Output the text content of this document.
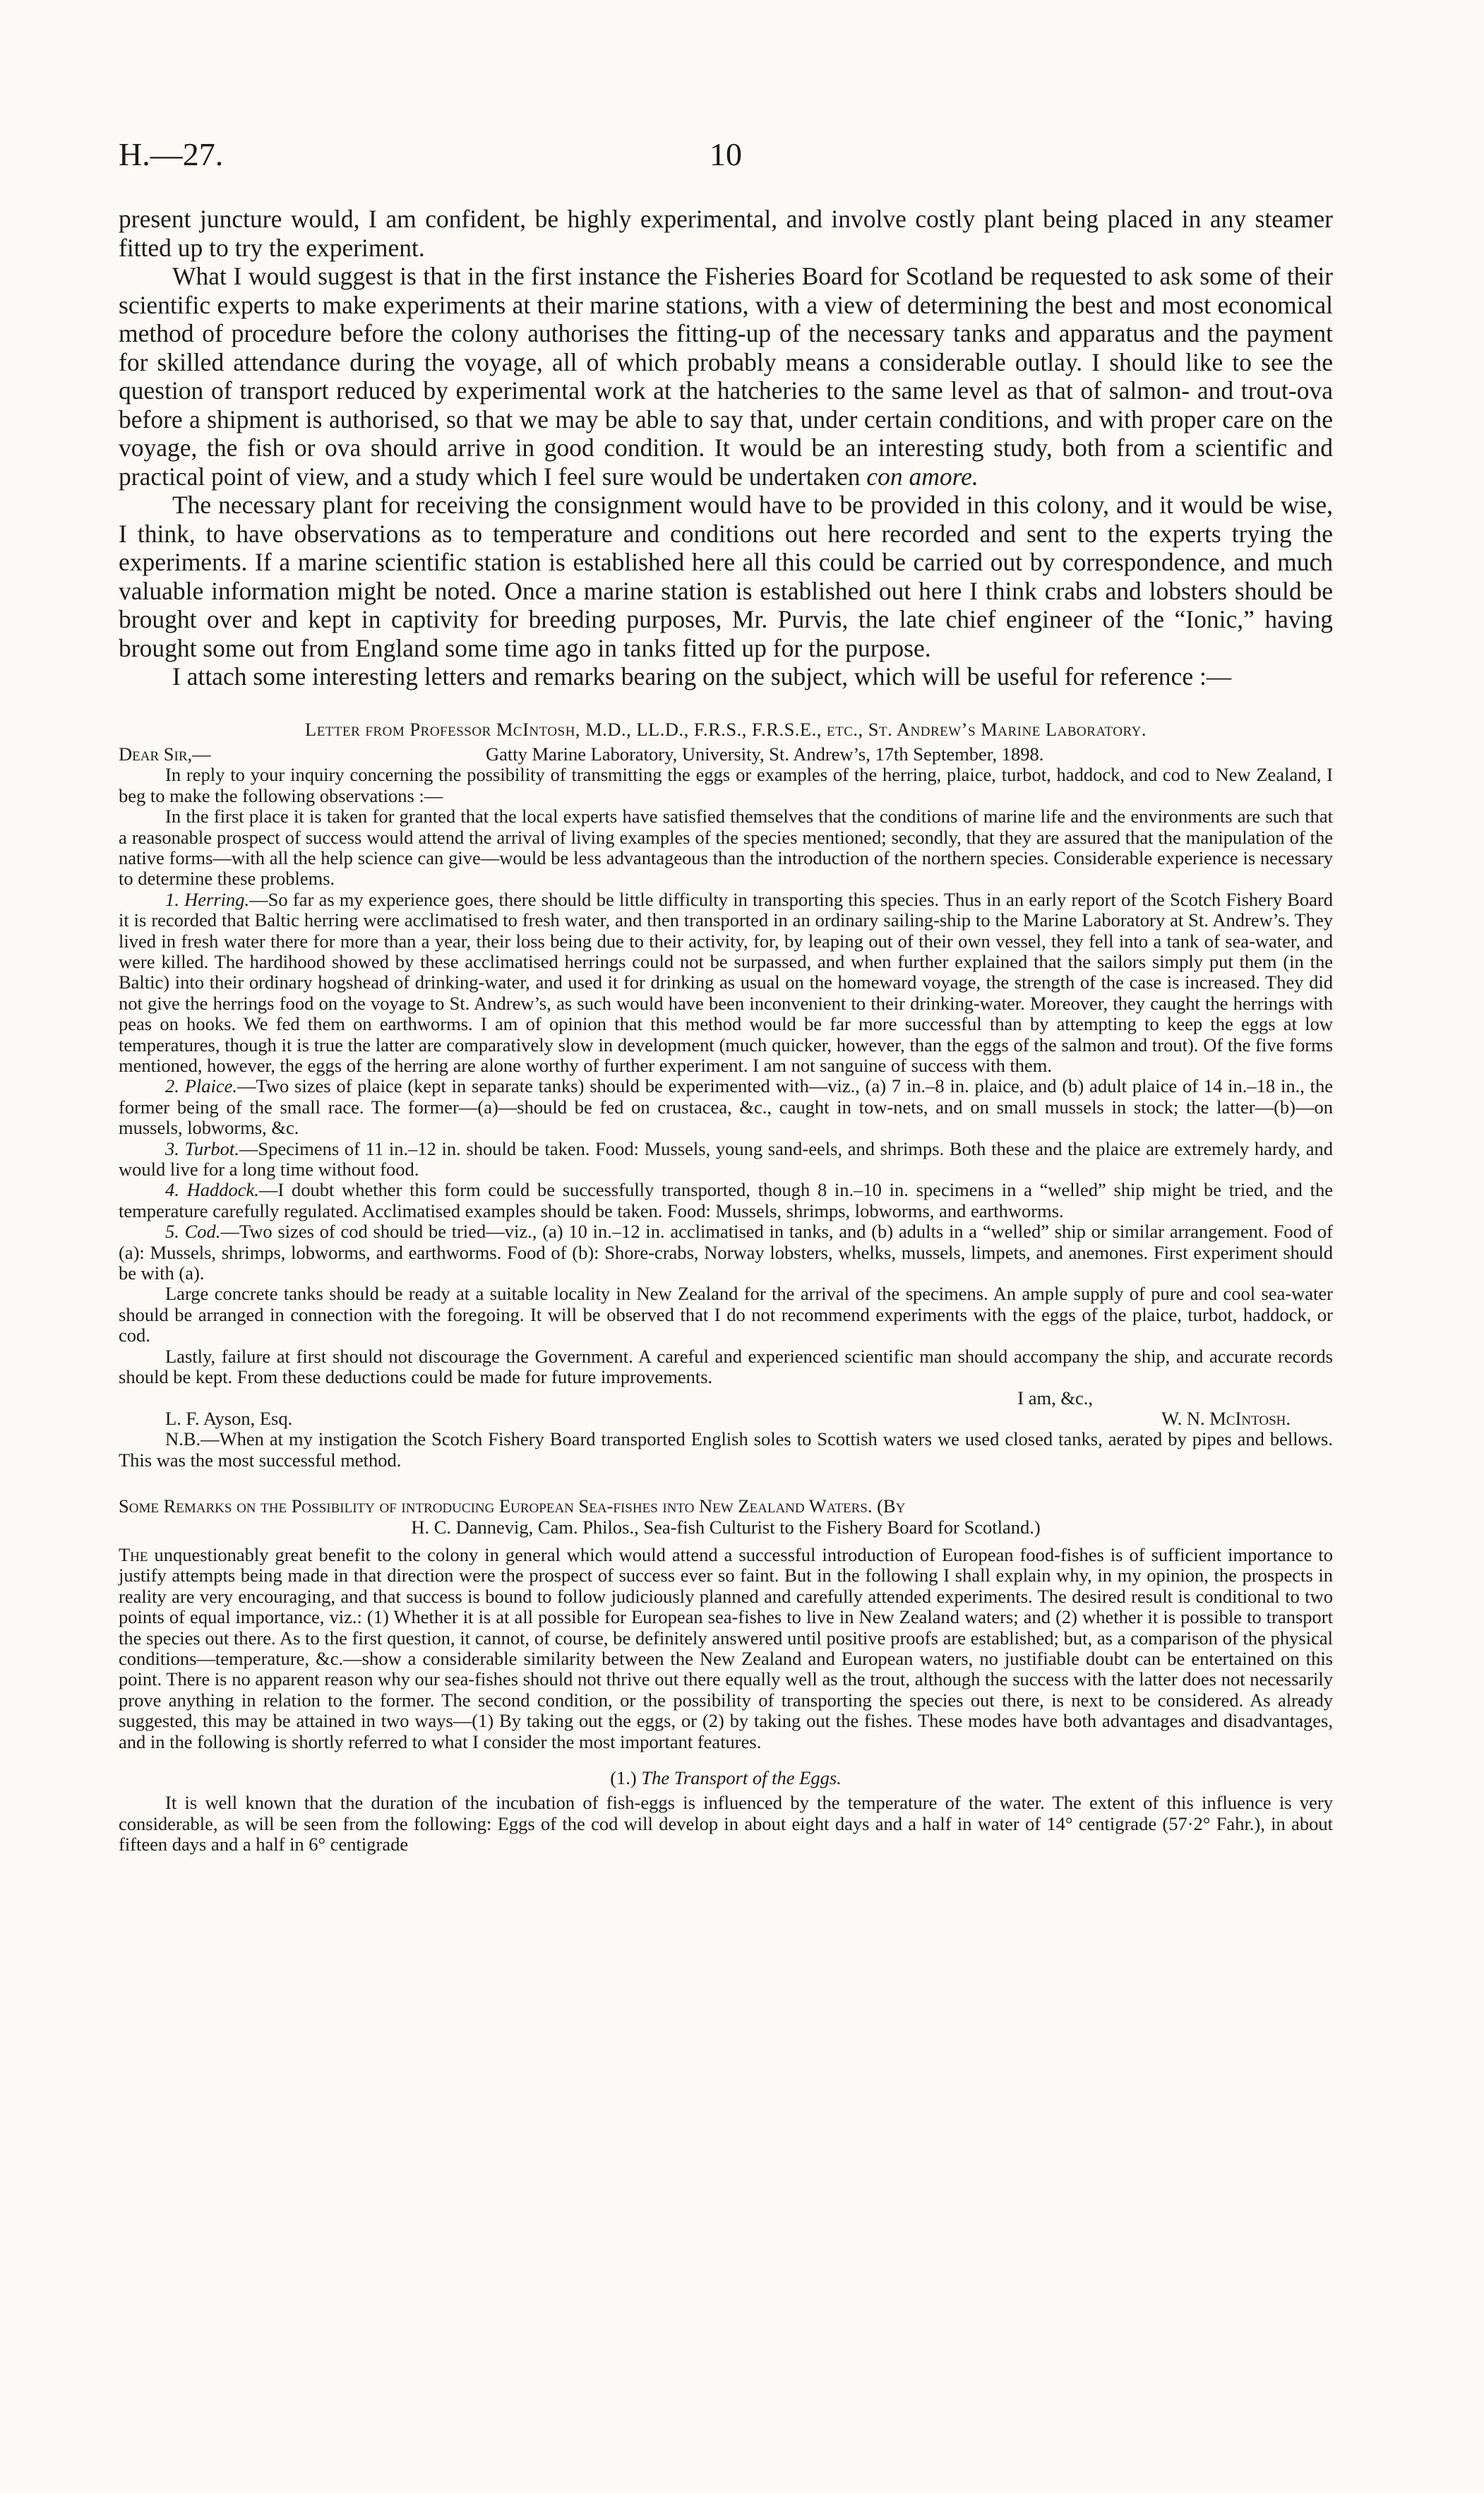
H.—27.	10

present juncture would, I am confident, be highly experimental, and involve costly plant being placed in any steamer fitted up to try the experiment.

What I would suggest is that in the first instance the Fisheries Board for Scotland be requested to ask some of their scientific experts to make experiments at their marine stations, with a view of determining the best and most economical method of procedure before the colony authorises the fitting-up of the necessary tanks and apparatus and the payment for skilled attendance during the voyage, all of which probably means a considerable outlay. I should like to see the question of transport reduced by experimental work at the hatcheries to the same level as that of salmon- and trout-ova before a shipment is authorised, so that we may be able to say that, under certain conditions, and with proper care on the voyage, the fish or ova should arrive in good condition. It would be an interesting study, both from a scientific and practical point of view, and a study which I feel sure would be undertaken con amore.

The necessary plant for receiving the consignment would have to be provided in this colony, and it would be wise, I think, to have observations as to temperature and conditions out here recorded and sent to the experts trying the experiments. If a marine scientific station is established here all this could be carried out by correspondence, and much valuable information might be noted. Once a marine station is established out here I think crabs and lobsters should be brought over and kept in captivity for breeding purposes, Mr. Purvis, the late chief engineer of the “Ionic,” having brought some out from England some time ago in tanks fitted up for the purpose.

I attach some interesting letters and remarks bearing on the subject, which will be useful for reference :—

Letter from Professor McIntosh, M.D., LL.D., F.R.S., F.R.S.E., etc., St. Andrew’s Marine Laboratory.
Dear Sir,—	Gatty Marine Laboratory, University, St. Andrew’s, 17th September, 1898.

In reply to your inquiry concerning the possibility of transmitting the eggs or examples of the herring, plaice, turbot, haddock, and cod to New Zealand, I beg to make the following observations :—

In the first place it is taken for granted that the local experts have satisfied themselves that the conditions of marine life and the environments are such that a reasonable prospect of success would attend the arrival of living examples of the species mentioned; secondly, that they are assured that the manipulation of the native forms—with all the help science can give—would be less advantageous than the introduction of the northern species. Considerable experience is necessary to determine these problems.

1. Herring.—So far as my experience goes, there should be little difficulty in transporting this species. Thus in an early report of the Scotch Fishery Board it is recorded that Baltic herring were acclimatised to fresh water, and then transported in an ordinary sailing-ship to the Marine Laboratory at St. Andrew’s. They lived in fresh water there for more than a year, their loss being due to their activity, for, by leaping out of their own vessel, they fell into a tank of sea-water, and were killed. The hardihood showed by these acclimatised herrings could not be surpassed, and when further explained that the sailors simply put them (in the Baltic) into their ordinary hogshead of drinking-water, and used it for drinking as usual on the homeward voyage, the strength of the case is increased. They did not give the herrings food on the voyage to St. Andrew’s, as such would have been inconvenient to their drinking-water. Moreover, they caught the herrings with peas on hooks. We fed them on earthworms. I am of opinion that this method would be far more successful than by attempting to keep the eggs at low temperatures, though it is true the latter are comparatively slow in development (much quicker, however, than the eggs of the salmon and trout). Of the five forms mentioned, however, the eggs of the herring are alone worthy of further experiment. I am not sanguine of success with them.

2. Plaice.—Two sizes of plaice (kept in separate tanks) should be experimented with—viz., (a) 7 in.–8 in. plaice, and (b) adult plaice of 14 in.–18 in., the former being of the small race. The former—(a)—should be fed on crustacea, &c., caught in tow-nets, and on small mussels in stock; the latter—(b)—on mussels, lobworms, &c.

3. Turbot.—Specimens of 11 in.–12 in. should be taken. Food: Mussels, young sand-eels, and shrimps. Both these and the plaice are extremely hardy, and would live for a long time without food.

4. Haddock.—I doubt whether this form could be successfully transported, though 8 in.–10 in. specimens in a “welled” ship might be tried, and the temperature carefully regulated. Acclimatised examples should be taken. Food: Mussels, shrimps, lobworms, and earthworms.

5. Cod.—Two sizes of cod should be tried—viz., (a) 10 in.–12 in. acclimatised in tanks, and (b) adults in a “welled” ship or similar arrangement. Food of (a): Mussels, shrimps, lobworms, and earthworms. Food of (b): Shore-crabs, Norway lobsters, whelks, mussels, limpets, and anemones. First experiment should be with (a).

Large concrete tanks should be ready at a suitable locality in New Zealand for the arrival of the specimens. An ample supply of pure and cool sea-water should be arranged in connection with the foregoing. It will be observed that I do not recommend experiments with the eggs of the plaice, turbot, haddock, or cod.

Lastly, failure at first should not discourage the Government. A careful and experienced scientific man should accompany the ship, and accurate records should be kept. From these deductions could be made for future improvements.

I am, &c.,
L. F. Ayson, Esq.	W. N. McIntosh.

N.B.—When at my instigation the Scotch Fishery Board transported English soles to Scottish waters we used closed tanks, aerated by pipes and bellows. This was the most successful method.

Some Remarks on the Possibility of introducing European Sea-fishes into New Zealand Waters. (By
H. C. Dannevig, Cam. Philos., Sea-fish Culturist to the Fishery Board for Scotland.)

The unquestionably great benefit to the colony in general which would attend a successful introduction of European food-fishes is of sufficient importance to justify attempts being made in that direction were the prospect of success ever so faint. But in the following I shall explain why, in my opinion, the prospects in reality are very encouraging, and that success is bound to follow judiciously planned and carefully attended experiments. The desired result is conditional to two points of equal importance, viz.: (1) Whether it is at all possible for European sea-fishes to live in New Zealand waters; and (2) whether it is possible to transport the species out there. As to the first question, it cannot, of course, be definitely answered until positive proofs are established; but, as a comparison of the physical conditions—temperature, &c.—show a considerable similarity between the New Zealand and European waters, no justifiable doubt can be entertained on this point. There is no apparent reason why our sea-fishes should not thrive out there equally well as the trout, although the success with the latter does not necessarily prove anything in relation to the former. The second condition, or the possibility of transporting the species out there, is next to be considered. As already suggested, this may be attained in two ways—(1) By taking out the eggs, or (2) by taking out the fishes. These modes have both advantages and disadvantages, and in the following is shortly referred to what I consider the most important features.

(1.) The Transport of the Eggs.

It is well known that the duration of the incubation of fish-eggs is influenced by the temperature of the water. The extent of this influence is very considerable, as will be seen from the following: Eggs of the cod will develop in about eight days and a half in water of 14° centigrade (57·2° Fahr.), in about fifteen days and a half in 6° centigrade
